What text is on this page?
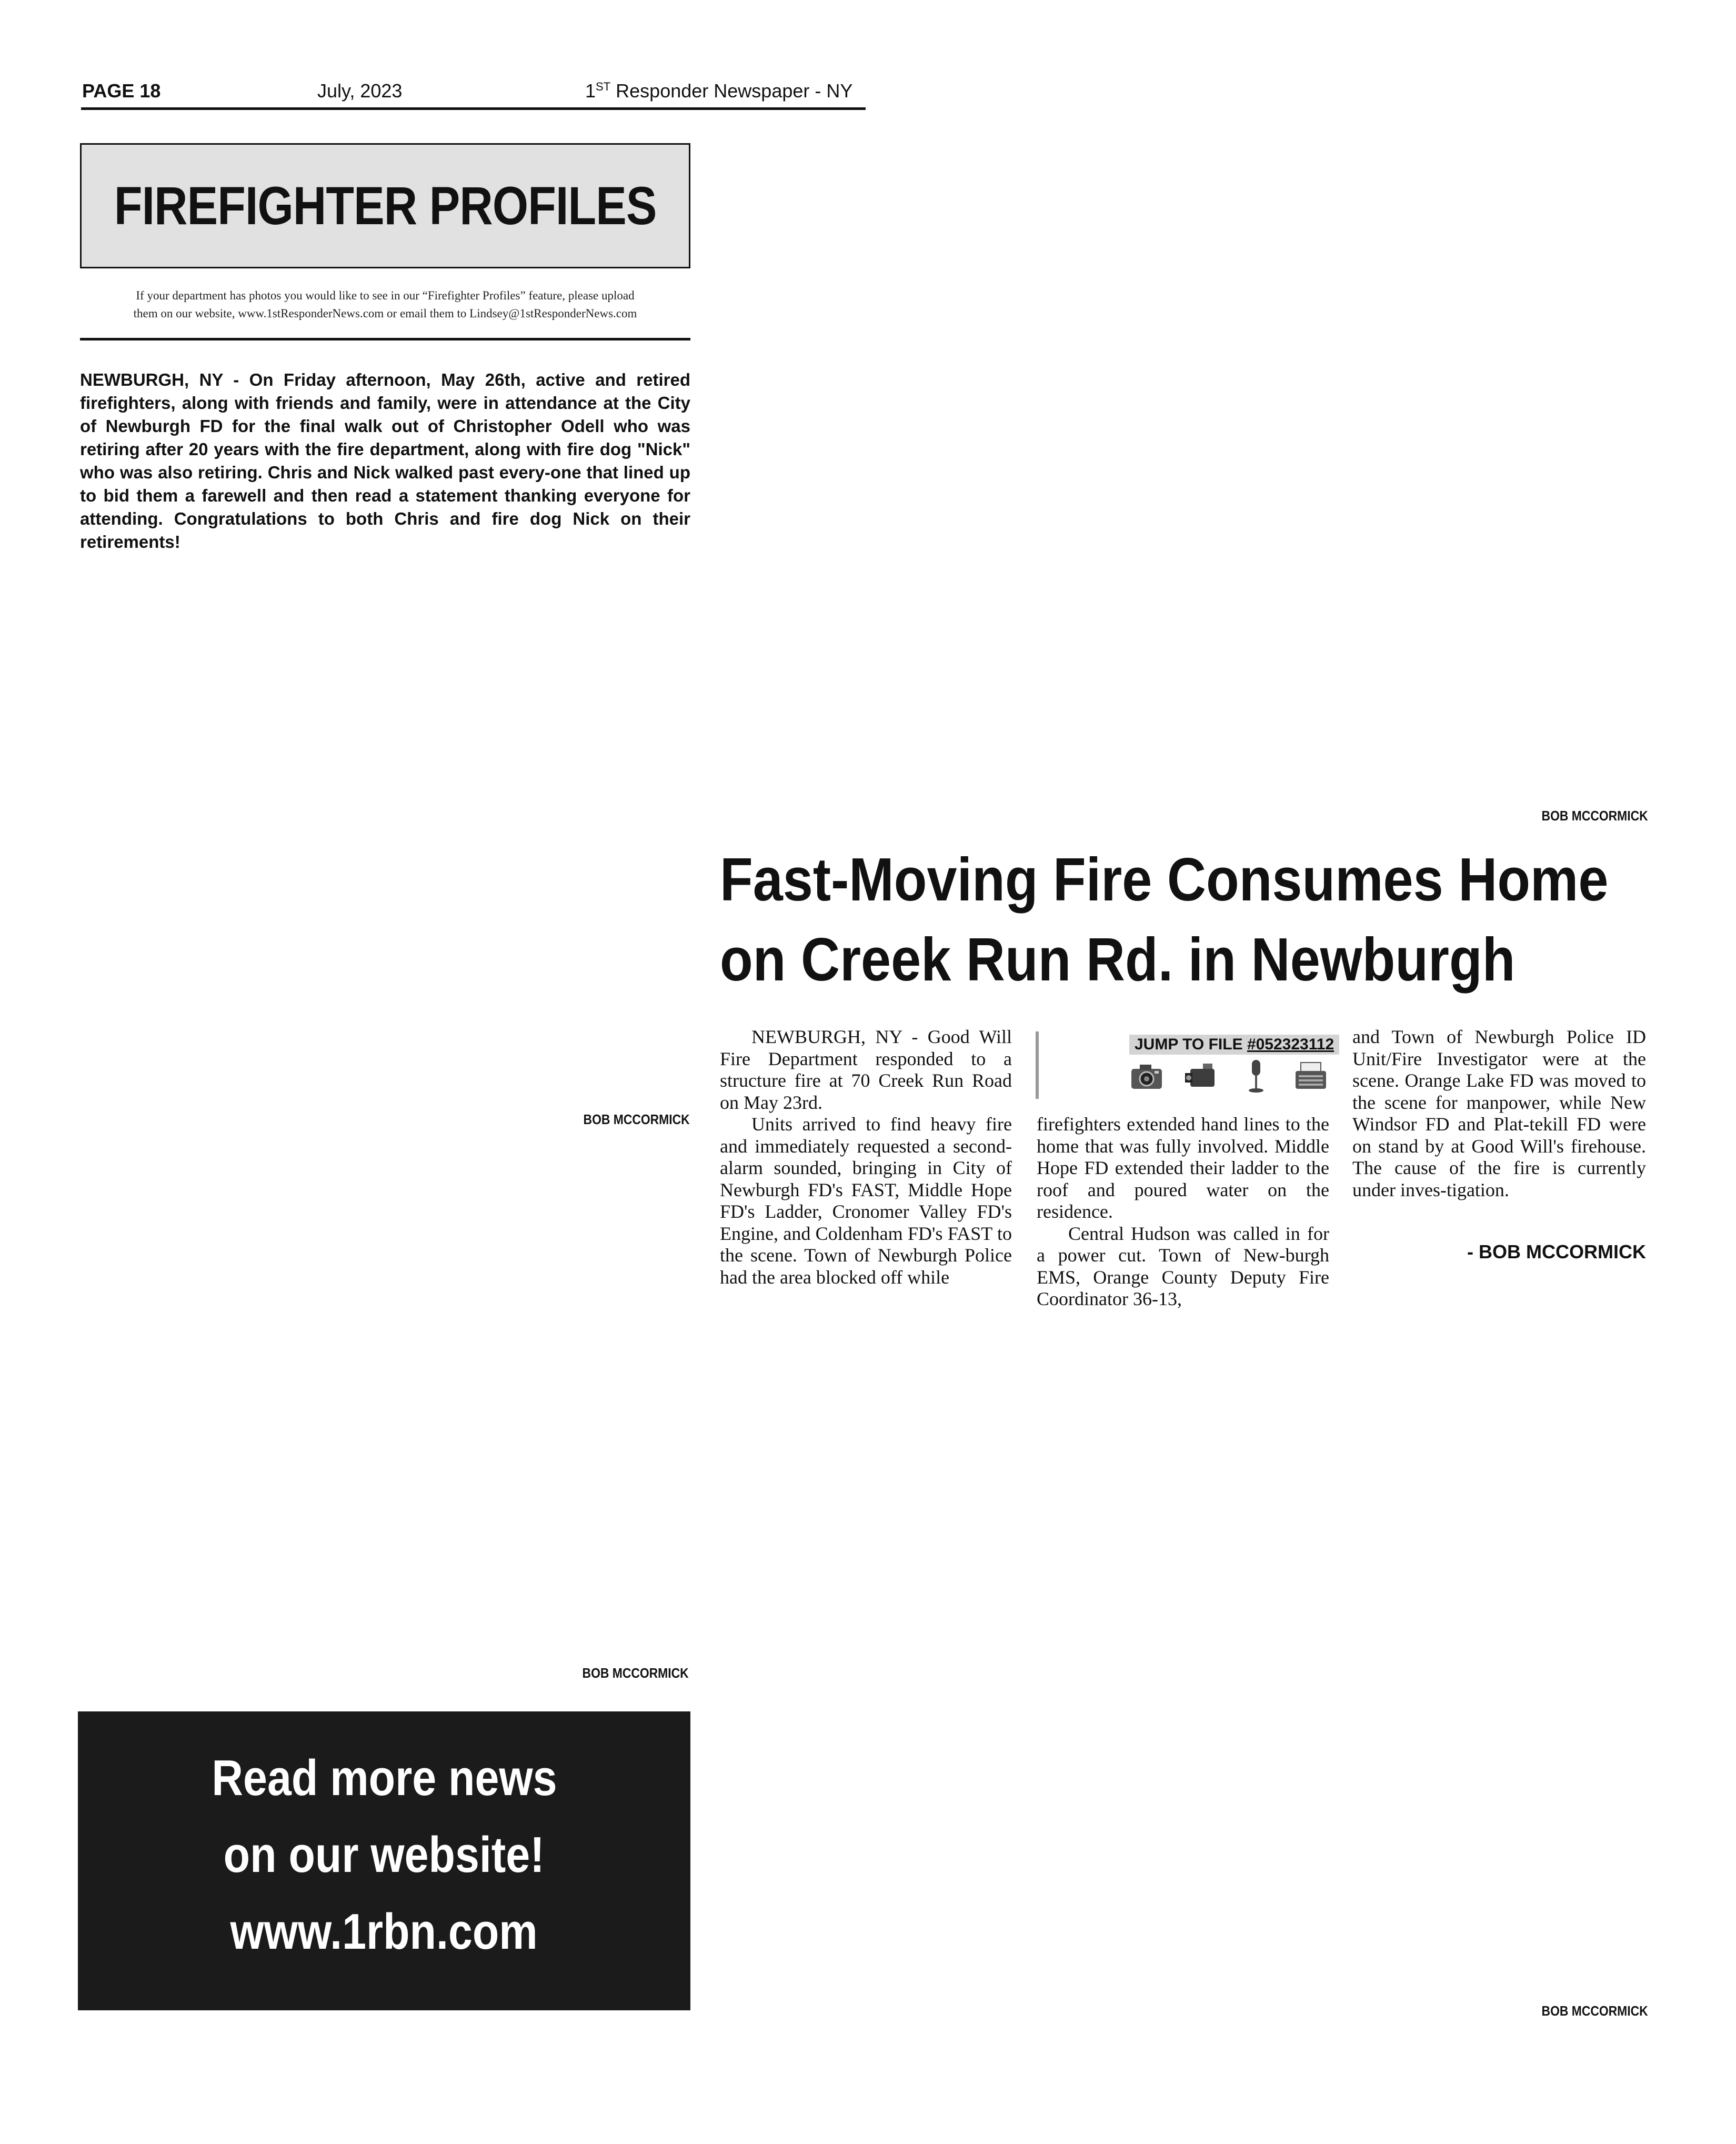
PAGE 18	July, 2023	1ST Responder Newspaper - NY
FIREFIGHTER PROFILES
If your department has photos you would like to see in our “Firefighter Profiles” feature, please upload
them on our website, www.1stResponderNews.com or email them to Lindsey@1stResponderNews.com
NEWBURGH, NY - On Friday afternoon, May 26th, active and retired firefighters, along with friends and family, were in attendance at the City of Newburgh FD for the final walk out of Christopher Odell who was retiring after 20 years with the fire department, along with fire dog "Nick" who was also retiring. Chris and Nick walked past every-one that lined up to bid them a farewell and then read a statement thanking everyone for attending. Congratulations to both Chris and fire dog Nick on their retirements!
BOB MCCORMICK
BOB MCCORMICK
BOB MCCORMICK
BOB MCCORMICK
Fast-Moving Fire Consumes Home
on Creek Run Rd. in Newburgh

NEWBURGH, NY - Good Will Fire Department responded to a structure fire at 70 Creek Run Road on May 23rd.

Units arrived to find heavy fire and immediately requested a second-alarm sounded, bringing in City of Newburgh FD's FAST, Middle Hope FD's Ladder, Cronomer Valley FD's Engine, and Coldenham FD's FAST to the scene. Town of Newburgh Police had the area blocked off while

JUMP TO FILE #052323112

firefighters extended hand lines to the home that was fully involved. Middle Hope FD extended their ladder to the roof and poured water on the residence.

Central Hudson was called in for a power cut. Town of New-burgh EMS, Orange County Deputy Fire Coordinator 36-13,

and Town of Newburgh Police ID Unit/Fire Investigator were at the scene. Orange Lake FD was moved to the scene for manpower, while New Windsor FD and Plat-tekill FD were on stand by at Good Will's firehouse. The cause of the fire is currently under inves-tigation.

- BOB MCCORMICK
Read more news
on our website!
www.1rbn.com
